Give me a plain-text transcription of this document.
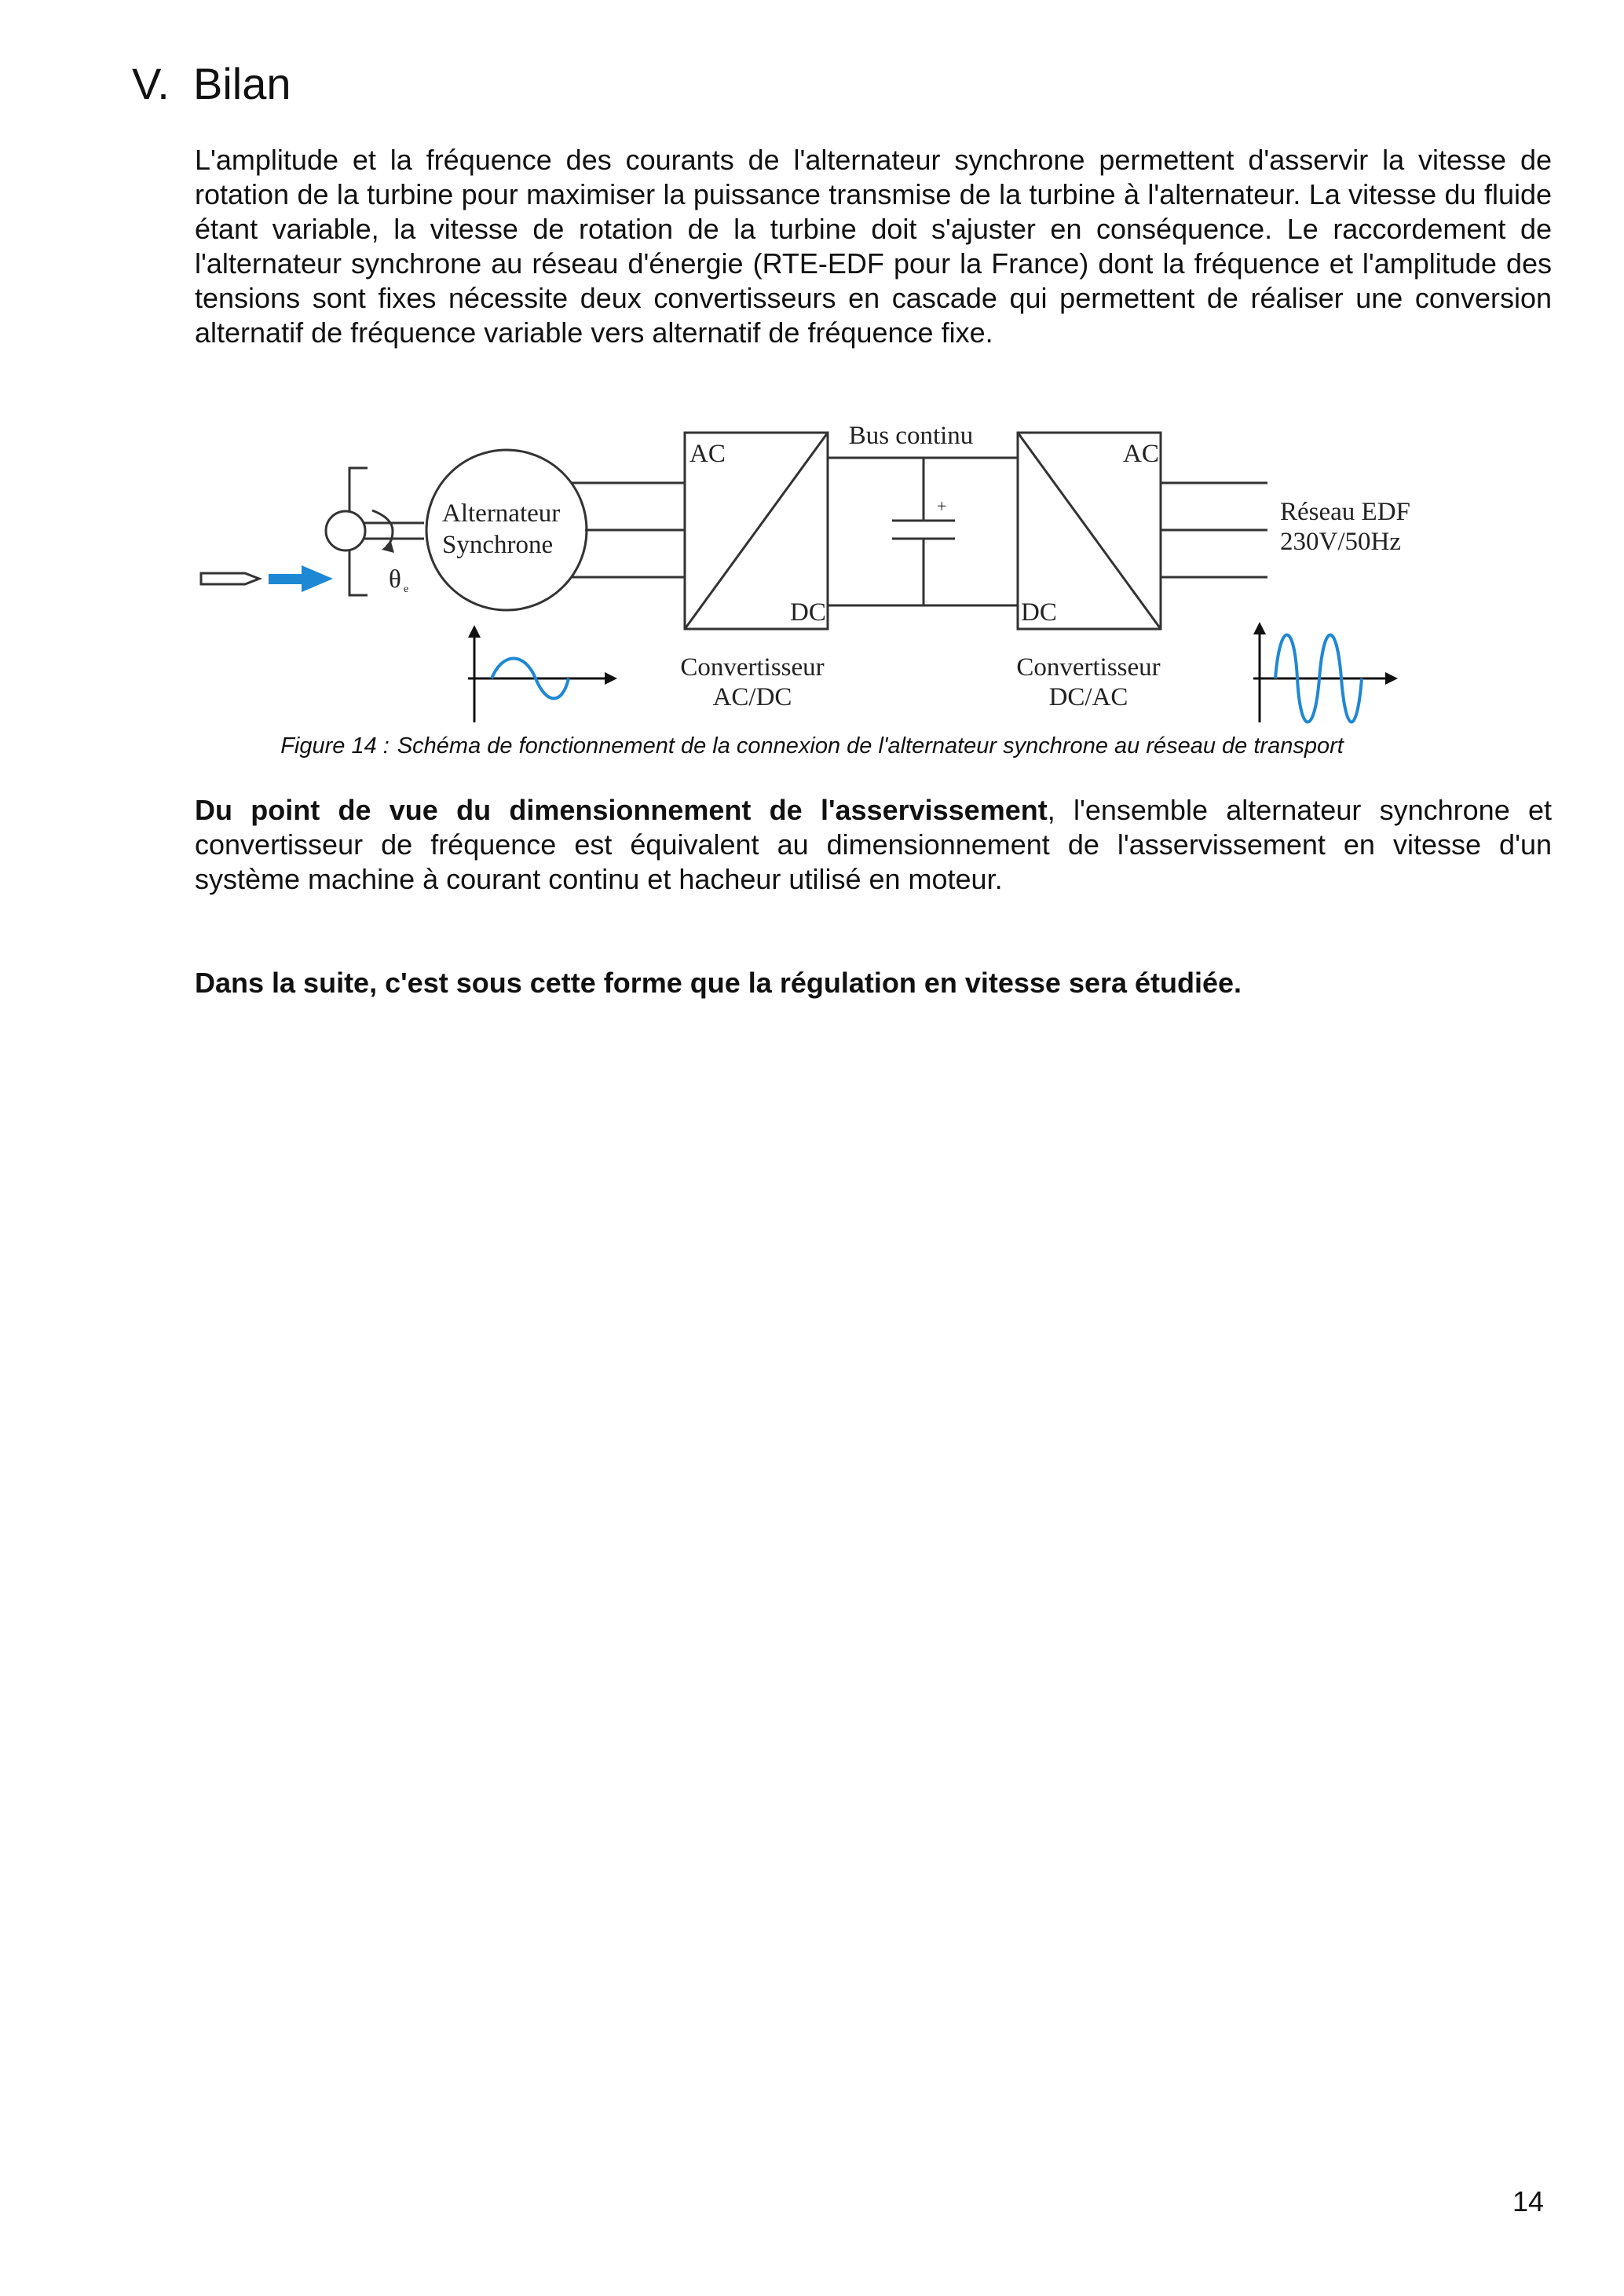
V. Bilan

L'amplitude et la fréquence des courants de l'alternateur synchrone permettent d'asservir la vitesse de rotation de la turbine pour maximiser la puissance transmise de la turbine à l'alternateur. La vitesse du fluide étant variable, la vitesse de rotation de la turbine doit s'ajuster en conséquence. Le raccordement de l'alternateur synchrone au réseau d'énergie (RTE-EDF pour la France) dont la fréquence et l'amplitude des tensions sont fixes nécessite deux convertisseurs en cascade qui permettent de réaliser une conversion alternatif de fréquence variable vers alternatif de fréquence fixe.

Alternateur
Synchrone
θ e
AC
DC
Convertisseur
AC/DC
Bus continu
+
AC
DC
Convertisseur
DC/AC
Réseau EDF
230V/50Hz
Figure 14 : Schéma de fonctionnement de la connexion de l'alternateur synchrone au réseau de transport

Du point de vue du dimensionnement de l'asservissement, l'ensemble alternateur synchrone et convertisseur de fréquence est équivalent au dimensionnement de l'asservissement en vitesse d'un système machine à courant continu et hacheur utilisé en moteur.

Dans la suite, c'est sous cette forme que la régulation en vitesse sera étudiée.

14
